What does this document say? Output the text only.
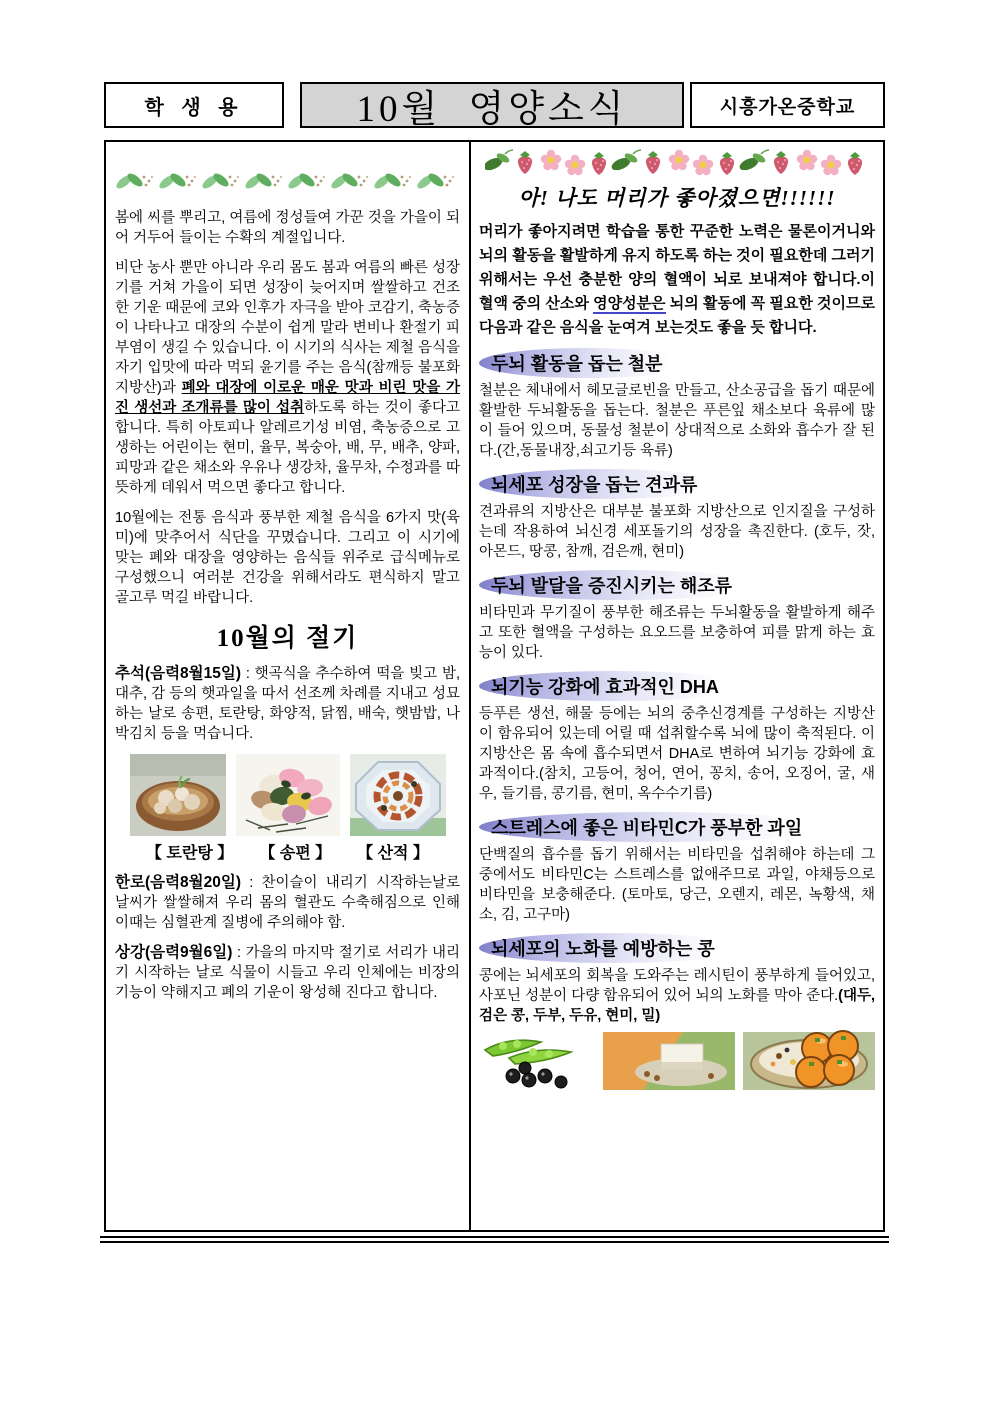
학 생 용	10월 영양소식	시흥가온중학교

봄에 씨를 뿌리고, 여름에 정성들여 가꾼 것을 가을이 되어 거두어 들이는 수확의 계절입니다.

비단 농사 뿐만 아니라 우리 몸도 봄과 여름의 빠른 성장기를 거쳐 가을이 되면 성장이 늦어지며 쌀쌀하고 건조한 기운 때문에 코와 인후가 자극을 받아 코감기, 축농증이 나타나고 대장의 수분이 쉽게 말라 변비나 환절기 피부염이 생길 수 있습니다. 이 시기의 식사는 제철 음식을 자기 입맛에 따라 먹되 윤기를 주는 음식(참깨등 불포화지방산)과 폐와 대장에 이로운 매운 맛과 비린 맛을 가진 생선과 조개류를 많이 섭취하도록 하는 것이 좋다고 합니다. 특히 아토피나 알레르기성 비염, 축농증으로 고생하는 어린이는 현미, 율무, 복숭아, 배, 무, 배추, 양파, 피망과 같은 채소와 우유나 생강차, 율무차, 수정과를 따뜻하게 데워서 먹으면 좋다고 합니다.

10월에는 전통 음식과 풍부한 제철 음식을 6가지 맛(육미)에 맞추어서 식단을 꾸몄습니다. 그리고 이 시기에 맞는 폐와 대장을 영양하는 음식들 위주로 급식메뉴로 구성했으니 여러분 건강을 위해서라도 편식하지 말고 골고루 먹길 바랍니다.

10월의 절기

추석(음력8월15일) : 햇곡식을 추수하여 떡을 빚고 밤, 대추, 감 등의 햇과일을 따서 선조께 차례를 지내고 성묘하는 날로 송편, 토란탕, 화양적, 닭찜, 배숙, 햇밤밥, 나박김치 등을 먹습니다.

【 토란탕 】 【 송편 】 【 산적 】

한로(음력8월20일) : 찬이슬이 내리기 시작하는날로 날씨가 쌀쌀해져 우리 몸의 혈관도 수축해짐으로 인해 이때는 심혈관계 질병에 주의해야 함.

상강(음력9월6일) : 가을의 마지막 절기로 서리가 내리기 시작하는 날로 식물이 시들고 우리 인체에는 비장의 기능이 약해지고 폐의 기운이 왕성해 진다고 합니다.

아! 나도 머리가 좋아졌으면!!!!!!

머리가 좋아지려면 학습을 통한 꾸준한 노력은 물론이거니와 뇌의 활동을 활발하게 유지 하도록 하는 것이 필요한데 그러기 위해서는 우선 충분한 양의 혈액이 뇌로 보내져야 합니다.이 혈액 중의 산소와 영양성분은 뇌의 활동에 꼭 필요한 것이므로 다음과 같은 음식을 눈여겨 보는것도 좋을 듯 합니다.

두뇌 활동을 돕는 철분

철분은 체내에서 헤모글로빈을 만들고, 산소공급을 돕기 때문에 활발한 두뇌활동을 돕는다. 철분은 푸른잎 채소보다 육류에 많이 들어 있으며, 동물성 철분이 상대적으로 소화와 흡수가 잘 된다.(간,동물내장,쇠고기등 육류)

뇌세포 성장을 돕는 견과류

견과류의 지방산은 대부분 불포화 지방산으로 인지질을 구성하는데 작용하여 뇌신경 세포돌기의 성장을 촉진한다. (호두, 잣, 아몬드, 땅콩, 참깨, 검은깨, 현미)

두뇌 발달을 증진시키는 해조류

비타민과 무기질이 풍부한 해조류는 두뇌활동을 활발하게 해주고 또한 혈액을 구성하는 요오드를 보충하여 피를 맑게 하는 효능이 있다.

뇌기능 강화에 효과적인 DHA

등푸른 생선, 해물 등에는 뇌의 중추신경계를 구성하는 지방산이 함유되어 있는데 어릴 때 섭취할수록 뇌에 많이 축적된다. 이 지방산은 몸 속에 흡수되면서 DHA로 변하여 뇌기능 강화에 효과적이다.(참치, 고등어, 청어, 연어, 꽁치, 송어, 오징어, 굴, 새우, 들기름, 콩기름, 현미, 옥수수기름)

스트레스에 좋은 비타민C가 풍부한 과일

단백질의 흡수를 돕기 위해서는 비타민을 섭취해야 하는데 그 중에서도 비타민C는 스트레스를 없애주므로 과일, 야채등으로 비타민을 보충해준다. (토마토, 당근, 오렌지, 레몬, 녹황색, 채소, 김, 고구마)

뇌세포의 노화를 예방하는 콩

콩에는 뇌세포의 회복을 도와주는 레시틴이 풍부하게 들어있고, 사포닌 성분이 다량 함유되어 있어 뇌의 노화를 막아 준다.(대두, 검은 콩, 두부, 두유, 현미, 밀)
